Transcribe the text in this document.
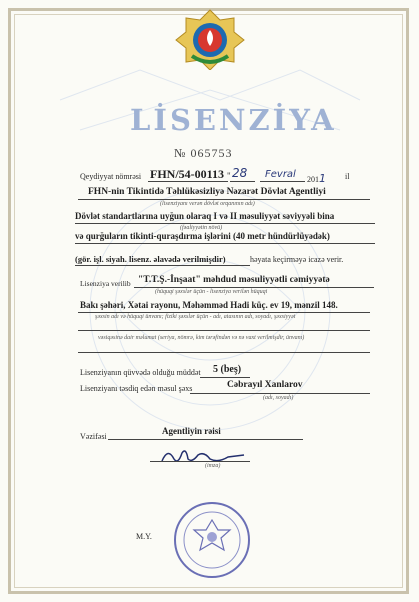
LİSENZİYA
№ 065753
Qeydiyyat nömrəsi FHN/54-00113 " 28 Fevral 2011 il
FHN-nin Tikintidə Təhlükəsizliyə Nəzarət Dövlət Agentliyi
(lisenziyanı verən dövlət orqanının adı)
Dövlət standartlarına uyğun olaraq I və II məsuliyyət səviyyəli bina
(fəaliyyətin növü)
və qurğuların tikinti-quraşdırma işlərini (40 metr hündürlüyədək)
(gör. işl. siyah. lisenz. əlavədə verilmişdir)	həyata keçirməyə icazə verir.
Lisenziya verilib "T.T.Ş.-İnşaat" məhdud məsuliyyətli cəmiyyətə
(hüquqi şəxslər üçün - lisenziya verilən hüquqi
Bakı şəhəri, Xətai rayonu, Məhəmməd Hadi küç. ev 19, mənzil 148.
şəxsin adı və hüquqi ünvanı; fiziki şəxslər üçün - adı, atasının adı, soyadı, şəxsiyyət
vəsiqəsinə dair məlumat (seriya, nömrə, kim tərəfindən və nə vaxt verilmişdir, ünvanı)
Lisenziyanın qüvvədə olduğu müddət 5 (beş)
Lisenziyanı təsdiq edən məsul şəxs	Cəbrayıl Xanlarov
(adı, soyadı)
Vəzifəsi
Agentliyin rəisi
(imza)
M.Y.
